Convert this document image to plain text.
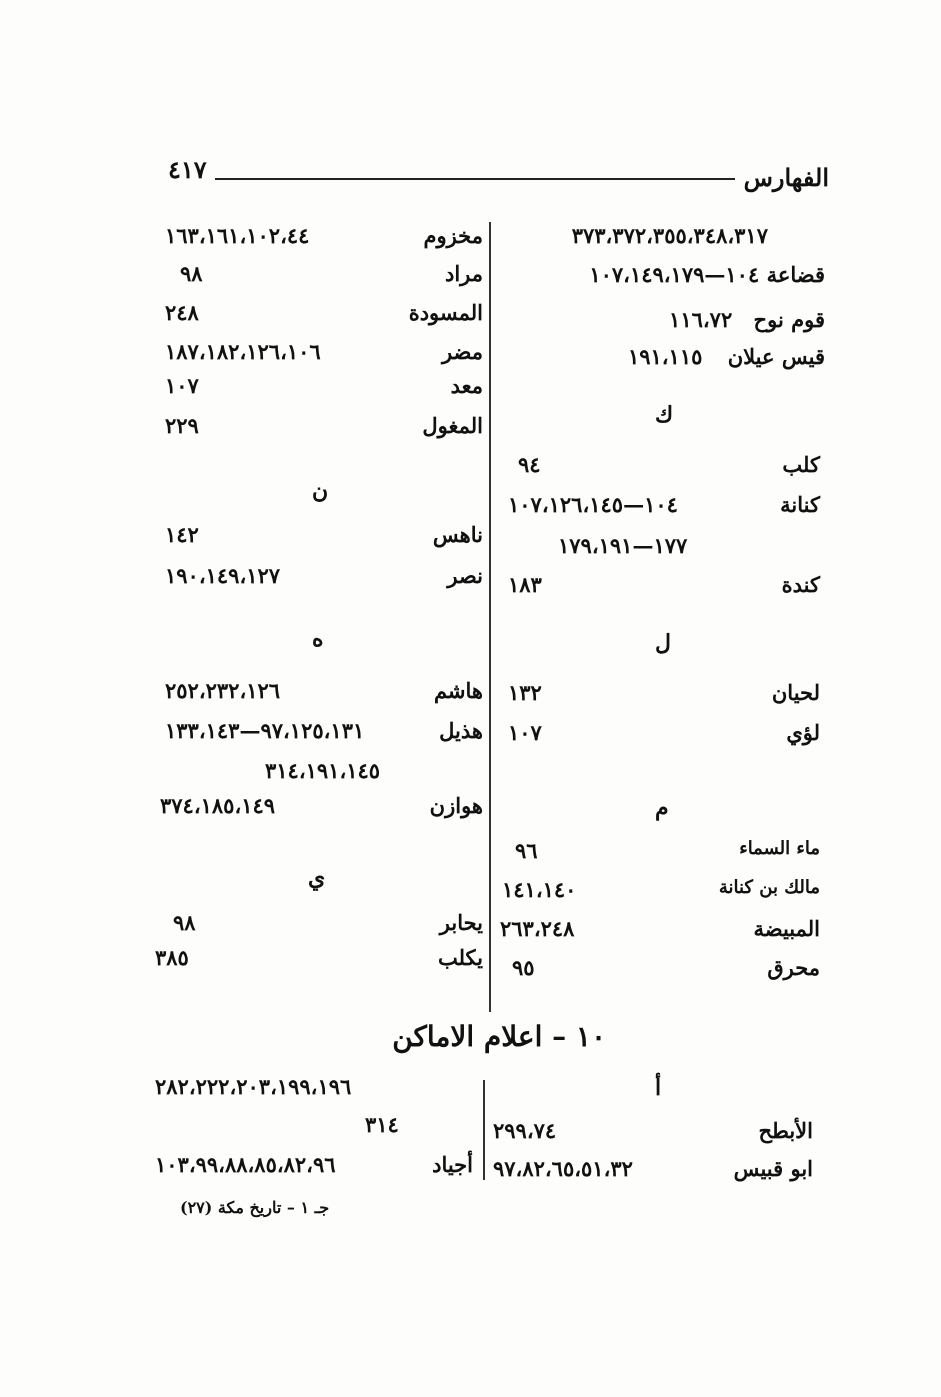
٤١٧	الفهارس
٣٧٣،٣٧٢،٣٥٥،٣٤٨،٣١٧
قضاعة ١٠٤—١٠٧،١٤٩،١٧٩
قوم نوح ١١٦،٧٢
قيس عيلان ١٩١،١١٥
ك
كلب
٩٤
كنانة
١٠٤—١٠٧،١٢٦،١٤٥
١٧٧—١٧٩،١٩١
كندة
١٨٣
ل
لحيان
١٣٢
لؤي
١٠٧
م
ماء السماء
٩٦
مالك بن كنانة
١٤١،١٤٠
المبيضة
٢٦٣،٢٤٨
محرق
٩٥
مخزوم
١٦٣،١٦١،١٠٢،٤٤
مراد
٩٨
المسودة
٢٤٨
مضر
١٨٧،١٨٢،١٢٦،١٠٦
معد
١٠٧
المغول
٢٢٩
ن
ناهس
١٤٢
نصر
١٩٠،١٤٩،١٢٧
ه
هاشم
٢٥٢،٢٣٢،١٢٦
هذيل
٩٧،١٢٥،١٣١—١٣٣،١٤٣
٣١٤،١٩١،١٤٥
هوازن
٣٧٤،١٨٥،١٤٩
ي
يحابر
٩٨
يكلب
٣٨٥
١٠ – اعلام الاماكن
أ
٢٨٢،٢٢٢،٢٠٣،١٩٩،١٩٦
٣١٤
أجياد
١٠٣،٩٩،٨٨،٨٥،٨٢،٩٦
الأبطح
٢٩٩،٧٤
ابو قبيس
٩٧،٨٢،٦٥،٥١،٣٢
جـ ١ – تاريخ مكة (٢٧)
